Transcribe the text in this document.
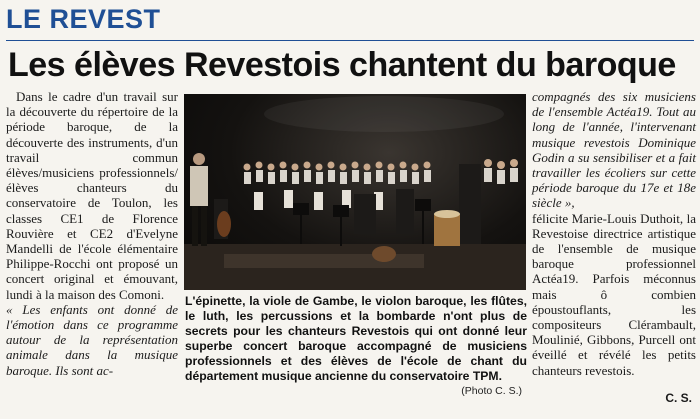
LE REVEST
Les élèves Revestois chantent du baroque

Dans le cadre d'un travail sur la découverte du répertoire de la période baroque, de la découverte des instruments, d'un travail commun élèves/musiciens professionnels/élèves chanteurs du conservatoire de Toulon, les classes CE1 de Florence Rouvière et CE2 d'Evelyne Mandelli de l'école élémentaire Philippe-Rocchi ont proposé un concert original et émouvant, lundi à la maison des Comoni.

« Les enfants ont donné de l'émotion dans ce programme autour de la représentation animale dans la musique baroque. Ils sont ac-

L'épinette, la viole de Gambe, le violon baroque, les flûtes, le luth, les percussions et la bombarde n'ont plus de secrets pour les chanteurs Revestois qui ont donné leur superbe concert baroque accompagné de musiciens professionnels et des élèves de l'école de chant du département musique ancienne du conservatoire TPM.
(Photo C. S.)

compagnés des six musiciens de l'ensemble Actéa19. Tout au long de l'année, l'intervenant musique revestois Dominique Godin a su sensibiliser et a fait travailler les écoliers sur cette période baroque du 17e et 18e siècle »,

félicite Marie-Louis Duthoit, la Revestoise directrice artistique de l'ensemble de musique baroque professionnel Actéa19. Parfois méconnus mais ô combien époustouflants, les compositeurs Clérambault, Moulinié, Gibbons, Purcell ont éveillé et révélé les petits chanteurs revestois.

C. S.
